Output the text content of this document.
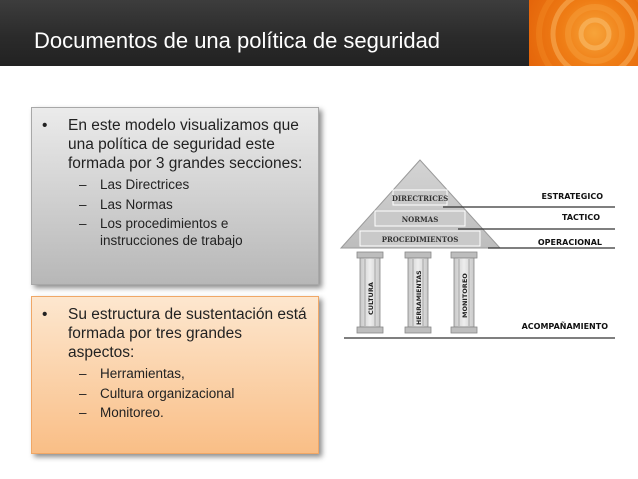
Documentos de una política de seguridad

• En este modelo visualizamos que una política de seguridad este formada por 3 grandes secciones:

– Las Directrices
– Las Normas
– Los procedimientos e instrucciones de trabajo

• Su estructura de sustentación está formada por tres grandes aspectos:

– Herramientas,
– Cultura organizacional
– Monitoreo.
DIRECTRICES
NORMAS
PROCEDIMIENTOS
ESTRATEGICO
TACTICO
OPERACIONAL
CULTURA	HERRAMIENTAS	MONITOREO
ACOMPAÑAMIENTO
